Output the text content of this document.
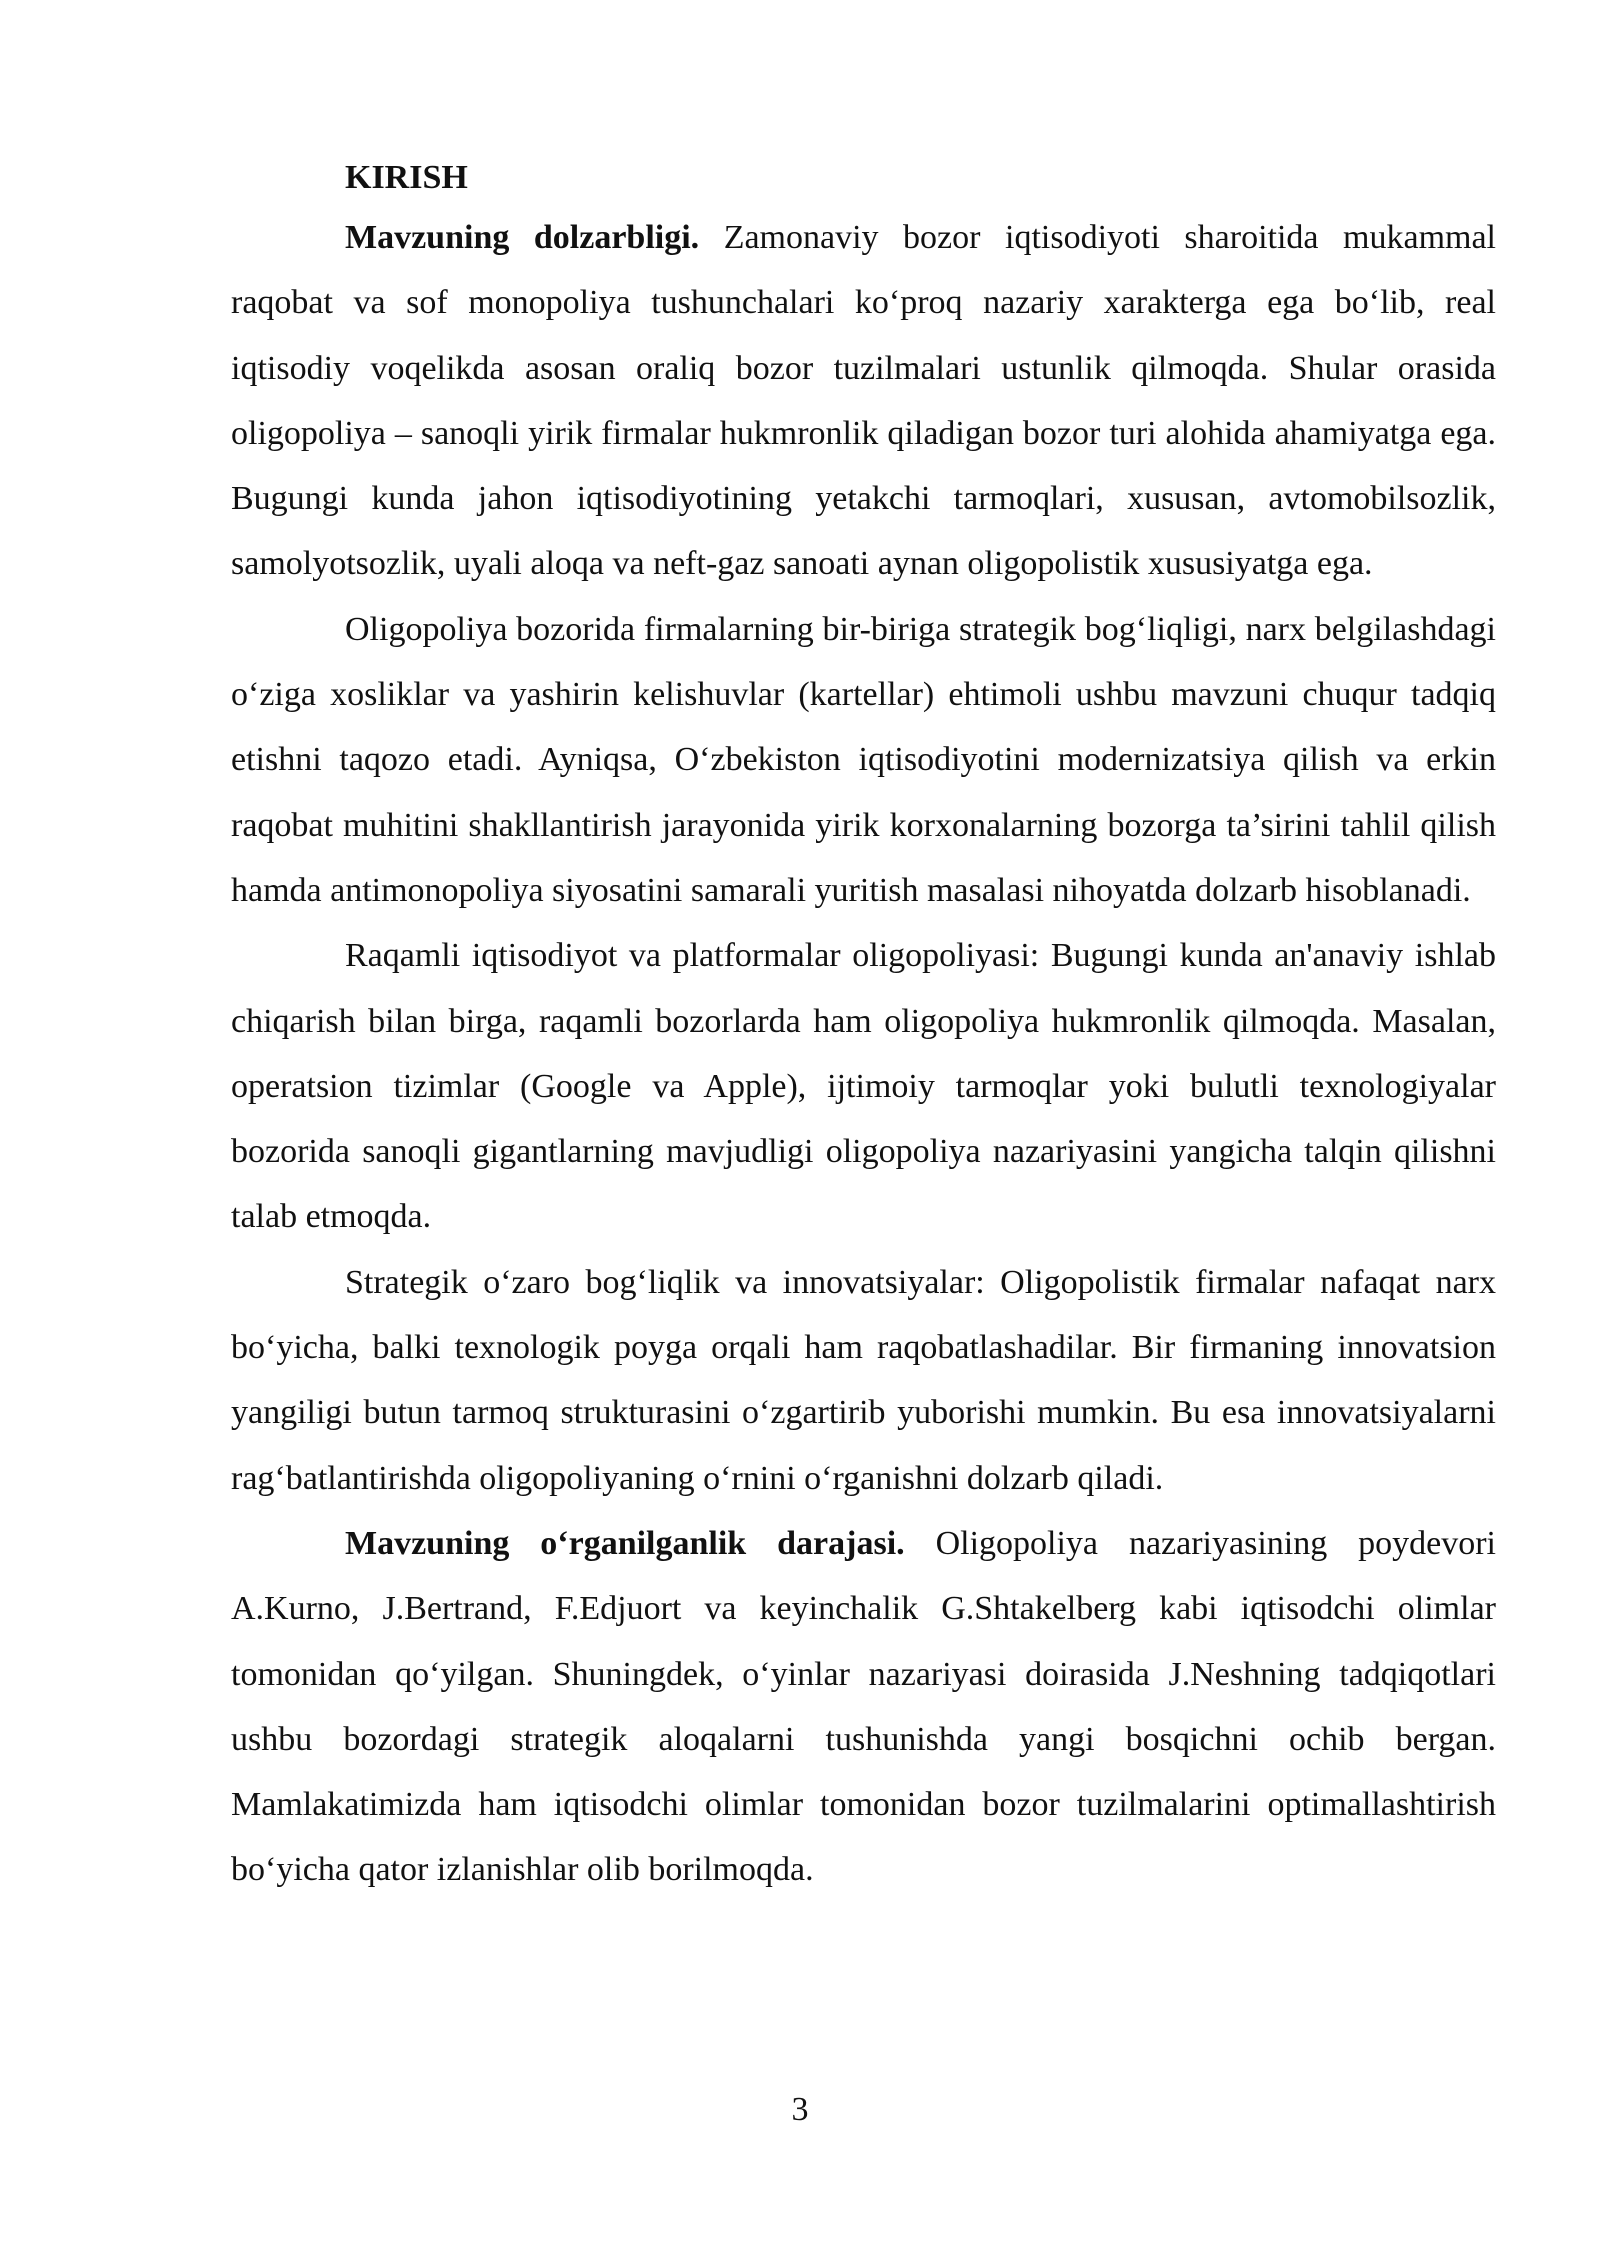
KIRISH

Mavzuning dolzarbligi. Zamonaviy bozor iqtisodiyoti sharoitida mukammal raqobat va sof monopoliya tushunchalari ko‘proq nazariy xarakterga ega bo‘lib, real iqtisodiy voqelikda asosan oraliq bozor tuzilmalari ustunlik qilmoqda. Shular orasida oligopoliya – sanoqli yirik firmalar hukmronlik qiladigan bozor turi alohida ahamiyatga ega. Bugungi kunda jahon iqtisodiyotining yetakchi tarmoqlari, xususan, avtomobilsozlik, samolyotsozlik, uyali aloqa va neft-gaz sanoati aynan oligopolistik xususiyatga ega.

Oligopoliya bozorida firmalarning bir-biriga strategik bog‘liqligi, narx belgilashdagi o‘ziga xosliklar va yashirin kelishuvlar (kartellar) ehtimoli ushbu mavzuni chuqur tadqiq etishni taqozo etadi. Ayniqsa, O‘zbekiston iqtisodiyotini modernizatsiya qilish va erkin raqobat muhitini shakllantirish jarayonida yirik korxonalarning bozorga ta’sirini tahlil qilish hamda antimonopoliya siyosatini samarali yuritish masalasi nihoyatda dolzarb hisoblanadi.

Raqamli iqtisodiyot va platformalar oligopoliyasi: Bugungi kunda an'anaviy ishlab chiqarish bilan birga, raqamli bozorlarda ham oligopoliya hukmronlik qilmoqda. Masalan, operatsion tizimlar (Google va Apple), ijtimoiy tarmoqlar yoki bulutli texnologiyalar bozorida sanoqli gigantlarning mavjudligi oligopoliya nazariyasini yangicha talqin qilishni talab etmoqda.

Strategik o‘zaro bog‘liqlik va innovatsiyalar: Oligopolistik firmalar nafaqat narx bo‘yicha, balki texnologik poyga orqali ham raqobatlashadilar. Bir firmaning innovatsion yangiligi butun tarmoq strukturasini o‘zgartirib yuborishi mumkin. Bu esa innovatsiyalarni rag‘batlantirishda oligopoliyaning o‘rnini o‘rganishni dolzarb qiladi.

Mavzuning o‘rganilganlik darajasi. Oligopoliya nazariyasining poydevori A.Kurno, J.Bertrand, F.Edjuort va keyinchalik G.Shtakelberg kabi iqtisodchi olimlar tomonidan qo‘yilgan. Shuningdek, o‘yinlar nazariyasi doirasida J.Neshning tadqiqotlari ushbu bozordagi strategik aloqalarni tushunishda yangi bosqichni ochib bergan. Mamlakatimizda ham iqtisodchi olimlar tomonidan bozor tuzilmalarini optimallashtirish bo‘yicha qator izlanishlar olib borilmoqda.

3
